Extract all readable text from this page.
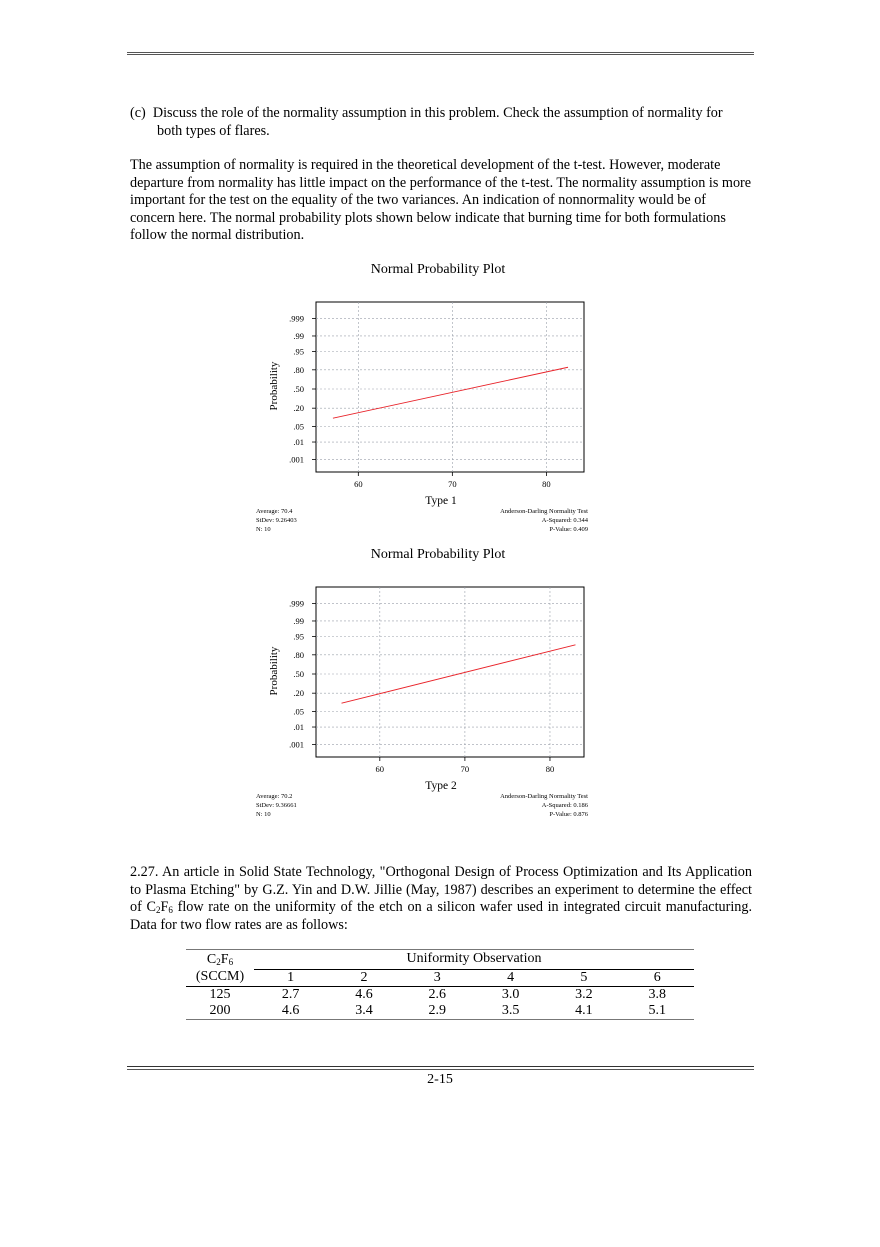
(c) Discuss the role of the normality assumption in this problem. Check the assumption of normality for
both types of flares.
The assumption of normality is required in the theoretical development of the t-test. However, moderate departure from normality has little impact on the performance of the t-test. The normality assumption is more important for the test on the equality of the two variances. An indication of nonnormality would be of concern here. The normal probability plots shown below indicate that burning time for both formulations follow the normal distribution.
Normal Probability Plot
Probability
.999
.99
.95
.80
.50
.20
.05
.01
.001
60	70	80
Type 1
Average: 70.4
StDev: 9.26403
N: 10
Anderson-Darling Normality Test
A-Squared: 0.344
P-Value: 0.409
Normal Probability Plot
Probability
.999
.99
.95
.80
.50
.20
.05
.01
.001
60	70	80
Type 2
Average: 70.2
StDev: 9.36661
N: 10
Anderson-Darling Normality Test
A-Squared: 0.186
P-Value: 0.876
2.27. An article in Solid State Technology, "Orthogonal Design of Process Optimization and Its Application to Plasma Etching" by G.Z. Yin and D.W. Jillie (May, 1987) describes an experiment to determine the effect of $C_2F_6$ flow rate on the uniformity of the etch on a silicon wafer used in integrated circuit manufacturing. Data for two flow rates are as follows:

$C_2F_6$	Uniformity Observation					
(SCCM)	1	2	3	4	5	6
125	2.7	4.6	2.6	3.0	3.2	3.8
200	4.6	3.4	2.9	3.5	4.1	5.1
2-15
